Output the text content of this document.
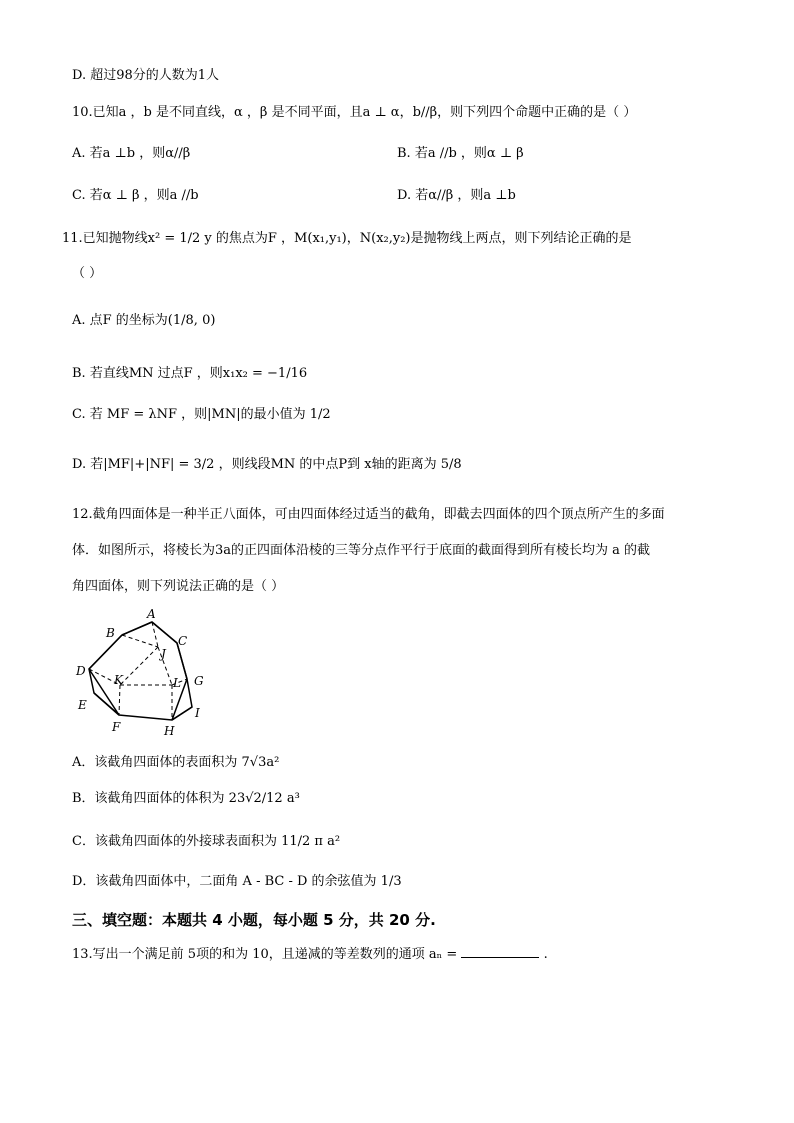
D. 超过98分的人数为1人
10.已知a ，b 是不同直线，α ，β 是不同平面，且a ⊥ α，b//β，则下列四个命题中正确的是（ ）
A. 若a ⊥b ，则α//β	B. 若a //b ，则α ⊥ β
C. 若α ⊥ β ，则a //b	D. 若α//β ，则a ⊥b
11.已知抛物线x² = 1/2 y 的焦点为F ，M(x₁,y₁)，N(x₂,y₂)是抛物线上两点，则下列结论正确的是
（ ）
A. 点F 的坐标为(1/8, 0)
B. 若直线MN 过点F ，则x₁x₂ = −1/16
C. 若 MF = λNF ，则|MN|的最小值为 1/2
D. 若|MF|+|NF| = 3/2 ，则线段MN 的中点P到 x轴的距离为 5/8
12.截角四面体是一种半正八面体，可由四面体经过适当的截角，即截去四面体的四个顶点所产生的多面
体．如图所示，将棱长为3a的正四面体沿棱的三等分点作平行于底面的截面得到所有棱长均为 a 的截
角四面体，则下列说法正确的是（ ）
A
B
C
D
J
K	L G
E
I
F	H
A．该截角四面体的表面积为 7√3a²
B．该截角四面体的体积为 23√2/12 a³
C．该截角四面体的外接球表面积为 11/2 π a²
D．该截角四面体中，二面角 A - BC - D 的余弦值为 1/3
三、填空题：本题共 4 小题，每小题 5 分，共 20 分.
13.写出一个满足前 5项的和为 10，且递减的等差数列的通项 aₙ =	.
